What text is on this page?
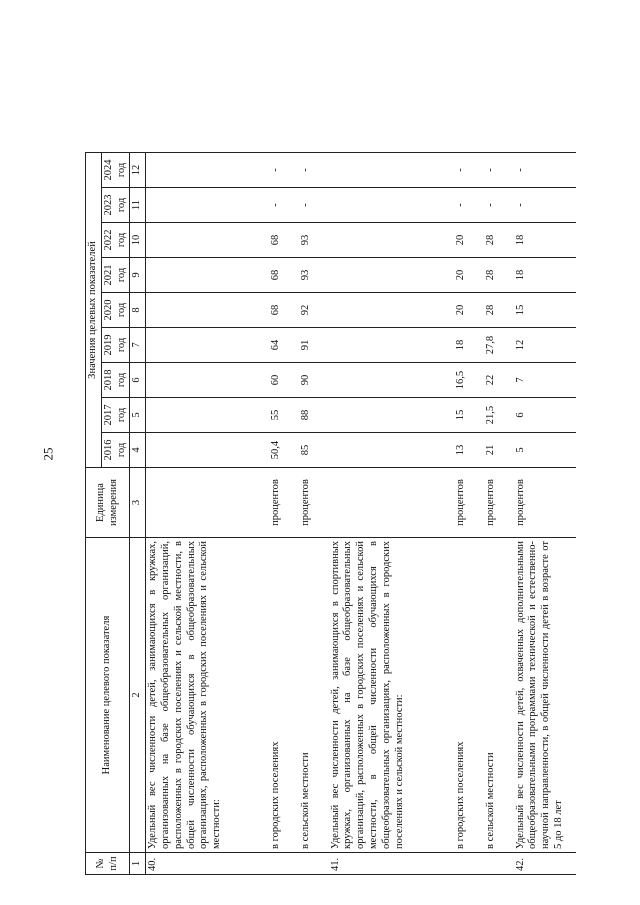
25
№ п/п	Наименование целевого показателя	Единица измерения	Значения целевых показателей								
			2016 год	2017 год	2018 год	2019 год	2020 год	2021 год	2022 год	2023 год	2024 год
1	2	3	4	5	6	7	8	9	10	11	12
40.	Удельный вес численности детей, занимающихся в кружках, организованных на базе общеобразовательных организаций, расположенных в городских поселениях и сельской местности, в общей численности обучающихся в общеобразовательных организациях, расположенных в городских поселениях и сельской местности:										
	в городских поселениях	процентов	50,4	55	60	64	68	68	68	-	-
	в сельской местности	процентов	85	88	90	91	92	93	93	-	-
41.	Удельный вес численности детей, занимающихся в спортивных кружках, организованных на базе общеобразовательных организаций, расположенных в городских поселениях и сельской местности, в общей численности обучающихся в общеобразовательных организациях, расположенных в городских поселениях и сельской местности:										
	в городских поселениях	процентов	13	15	16,5	18	20	20	20	-	-
	в сельской местности	процентов	21	21,5	22	27,8	28	28	28	-	-
42.	Удельный вес численности детей, охваченных дополнительными общеобразовательными программами технической и естественно-научной направленности, в общей численности детей в возрасте от 5 до 18 лет	процентов	5	6	7	12	15	18	18	-	-
